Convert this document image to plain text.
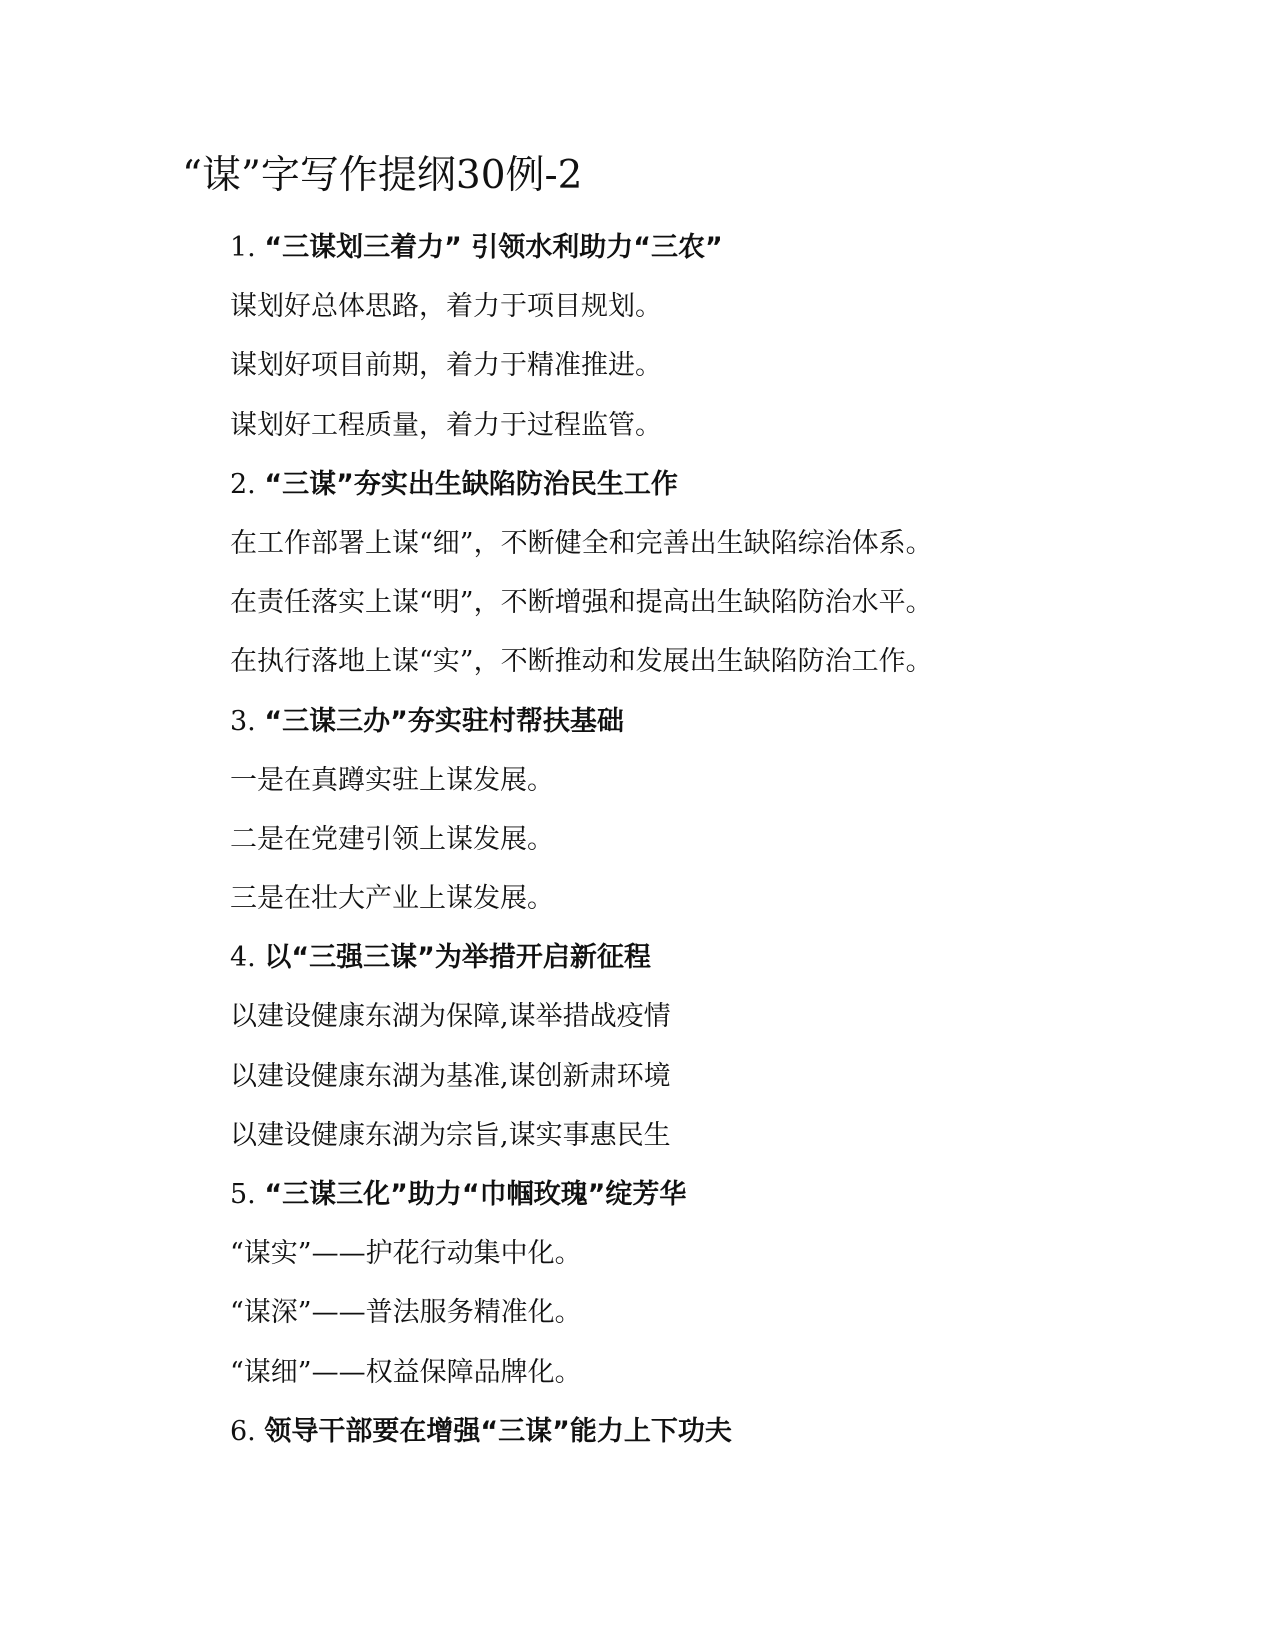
“谋”字写作提纲30例-2
1. “三谋划三着力” 引领水利助力“三农”
谋划好总体思路，着力于项目规划。
谋划好项目前期，着力于精准推进。
谋划好工程质量，着力于过程监管。
2. “三谋”夯实出生缺陷防治民生工作
在工作部署上谋“细”，不断健全和完善出生缺陷综治体系。
在责任落实上谋“明”，不断增强和提高出生缺陷防治水平。
在执行落地上谋“实”，不断推动和发展出生缺陷防治工作。
3. “三谋三办”夯实驻村帮扶基础
一是在真蹲实驻上谋发展。
二是在党建引领上谋发展。
三是在壮大产业上谋发展。
4. 以“三强三谋”为举措开启新征程
以建设健康东湖为保障,谋举措战疫情
以建设健康东湖为基准,谋创新肃环境
以建设健康东湖为宗旨,谋实事惠民生
5. “三谋三化”助力“巾帼玫瑰”绽芳华
“谋实”——护花行动集中化。
“谋深”——普法服务精准化。
“谋细”——权益保障品牌化。
6. 领导干部要在增强“三谋”能力上下功夫
